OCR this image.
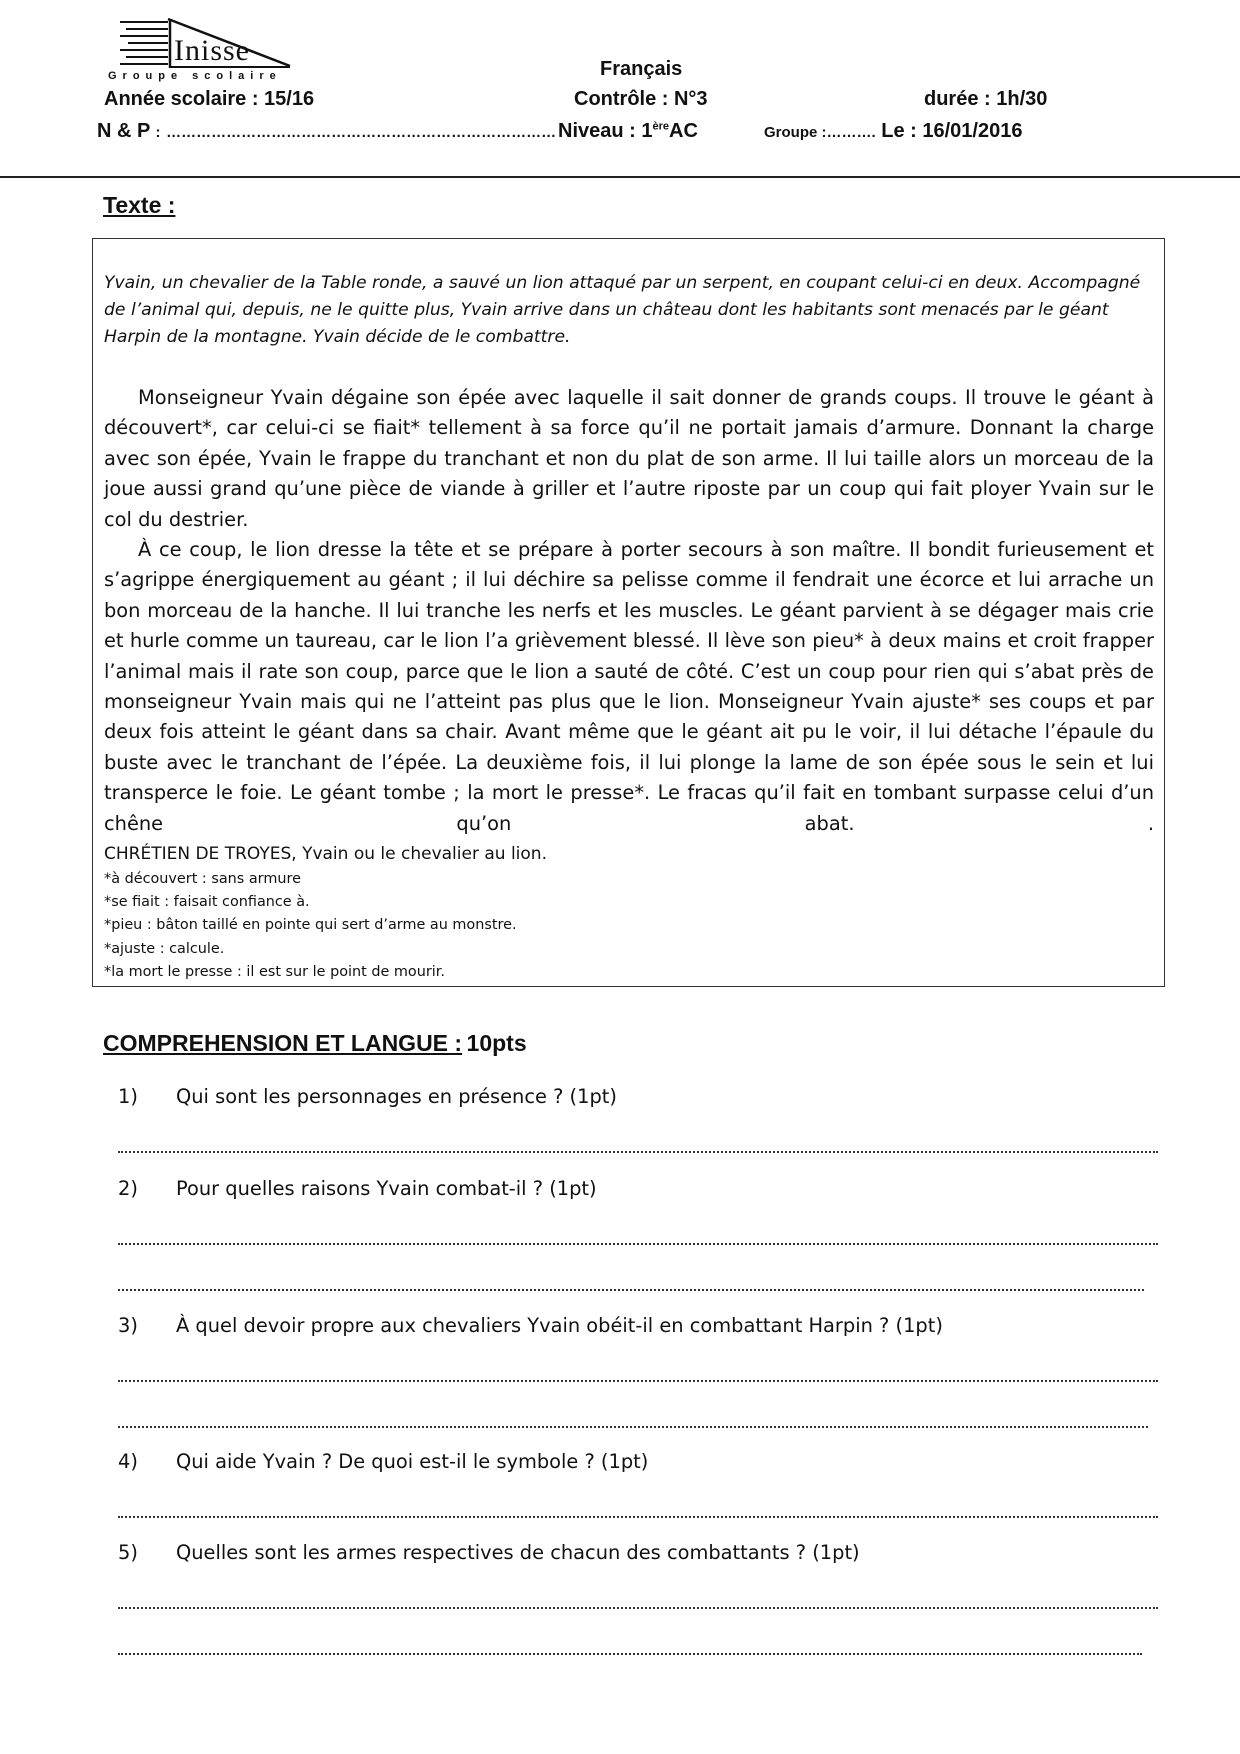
Inisse
Groupe scolaire	Français
Année scolaire : 15/16	Contrôle : N°3	durée : 1h/30
N & P : …………………………………………………………………… Niveau : 1èreAC	Groupe :………. Le : 16/01/2016
Texte :
Yvain, un chevalier de la Table ronde, a sauvé un lion attaqué par un serpent, en coupant celui-ci en deux. Accompagné de l’animal qui, depuis, ne le quitte plus, Yvain arrive dans un château dont les habitants sont menacés par le géant Harpin de la montagne. Yvain décide de le combattre.

Monseigneur Yvain dégaine son épée avec laquelle il sait donner de grands coups. Il trouve le géant à découvert*, car celui-ci se fiait* tellement à sa force qu’il ne portait jamais d’armure. Donnant la charge avec son épée, Yvain le frappe du tranchant et non du plat de son arme. Il lui taille alors un morceau de la joue aussi grand qu’une pièce de viande à griller et l’autre riposte par un coup qui fait ployer Yvain sur le col du destrier.

À ce coup, le lion dresse la tête et se prépare à porter secours à son maître. Il bondit furieusement et s’agrippe énergiquement au géant ; il lui déchire sa pelisse comme il fendrait une écorce et lui arrache un bon morceau de la hanche. Il lui tranche les nerfs et les muscles. Le géant parvient à se dégager mais crie et hurle comme un taureau, car le lion l’a grièvement blessé. Il lève son pieu* à deux mains et croit frapper l’animal mais il rate son coup, parce que le lion a sauté de côté. C’est un coup pour rien qui s’abat près de monseigneur Yvain mais qui ne l’atteint pas plus que le lion. Monseigneur Yvain ajuste* ses coups et par deux fois atteint le géant dans sa chair. Avant même que le géant ait pu le voir, il lui détache l’épaule du buste avec le tranchant de l’épée. La deuxième fois, il lui plonge la lame de son épée sous le sein et lui transperce le foie. Le géant tombe ; la mort le presse*. Le fracas qu’il fait en tombant surpasse celui d’un chêne qu’on abat.	.

CHRÉTIEN DE TROYES, Yvain ou le chevalier au lion.
*à découvert : sans armure
*se fiait : faisait confiance à.
*pieu : bâton taillé en pointe qui sert d’arme au monstre.
*ajuste : calcule.
*la mort le presse : il est sur le point de mourir.
COMPREHENSION ET LANGUE : 10pts
1) Qui sont les personnages en présence ? (1pt)
2) Pour quelles raisons Yvain combat-il ? (1pt)
3) À quel devoir propre aux chevaliers Yvain obéit-il en combattant Harpin ? (1pt)
4) Qui aide Yvain ? De quoi est-il le symbole ? (1pt)
5) Quelles sont les armes respectives de chacun des combattants ? (1pt)
